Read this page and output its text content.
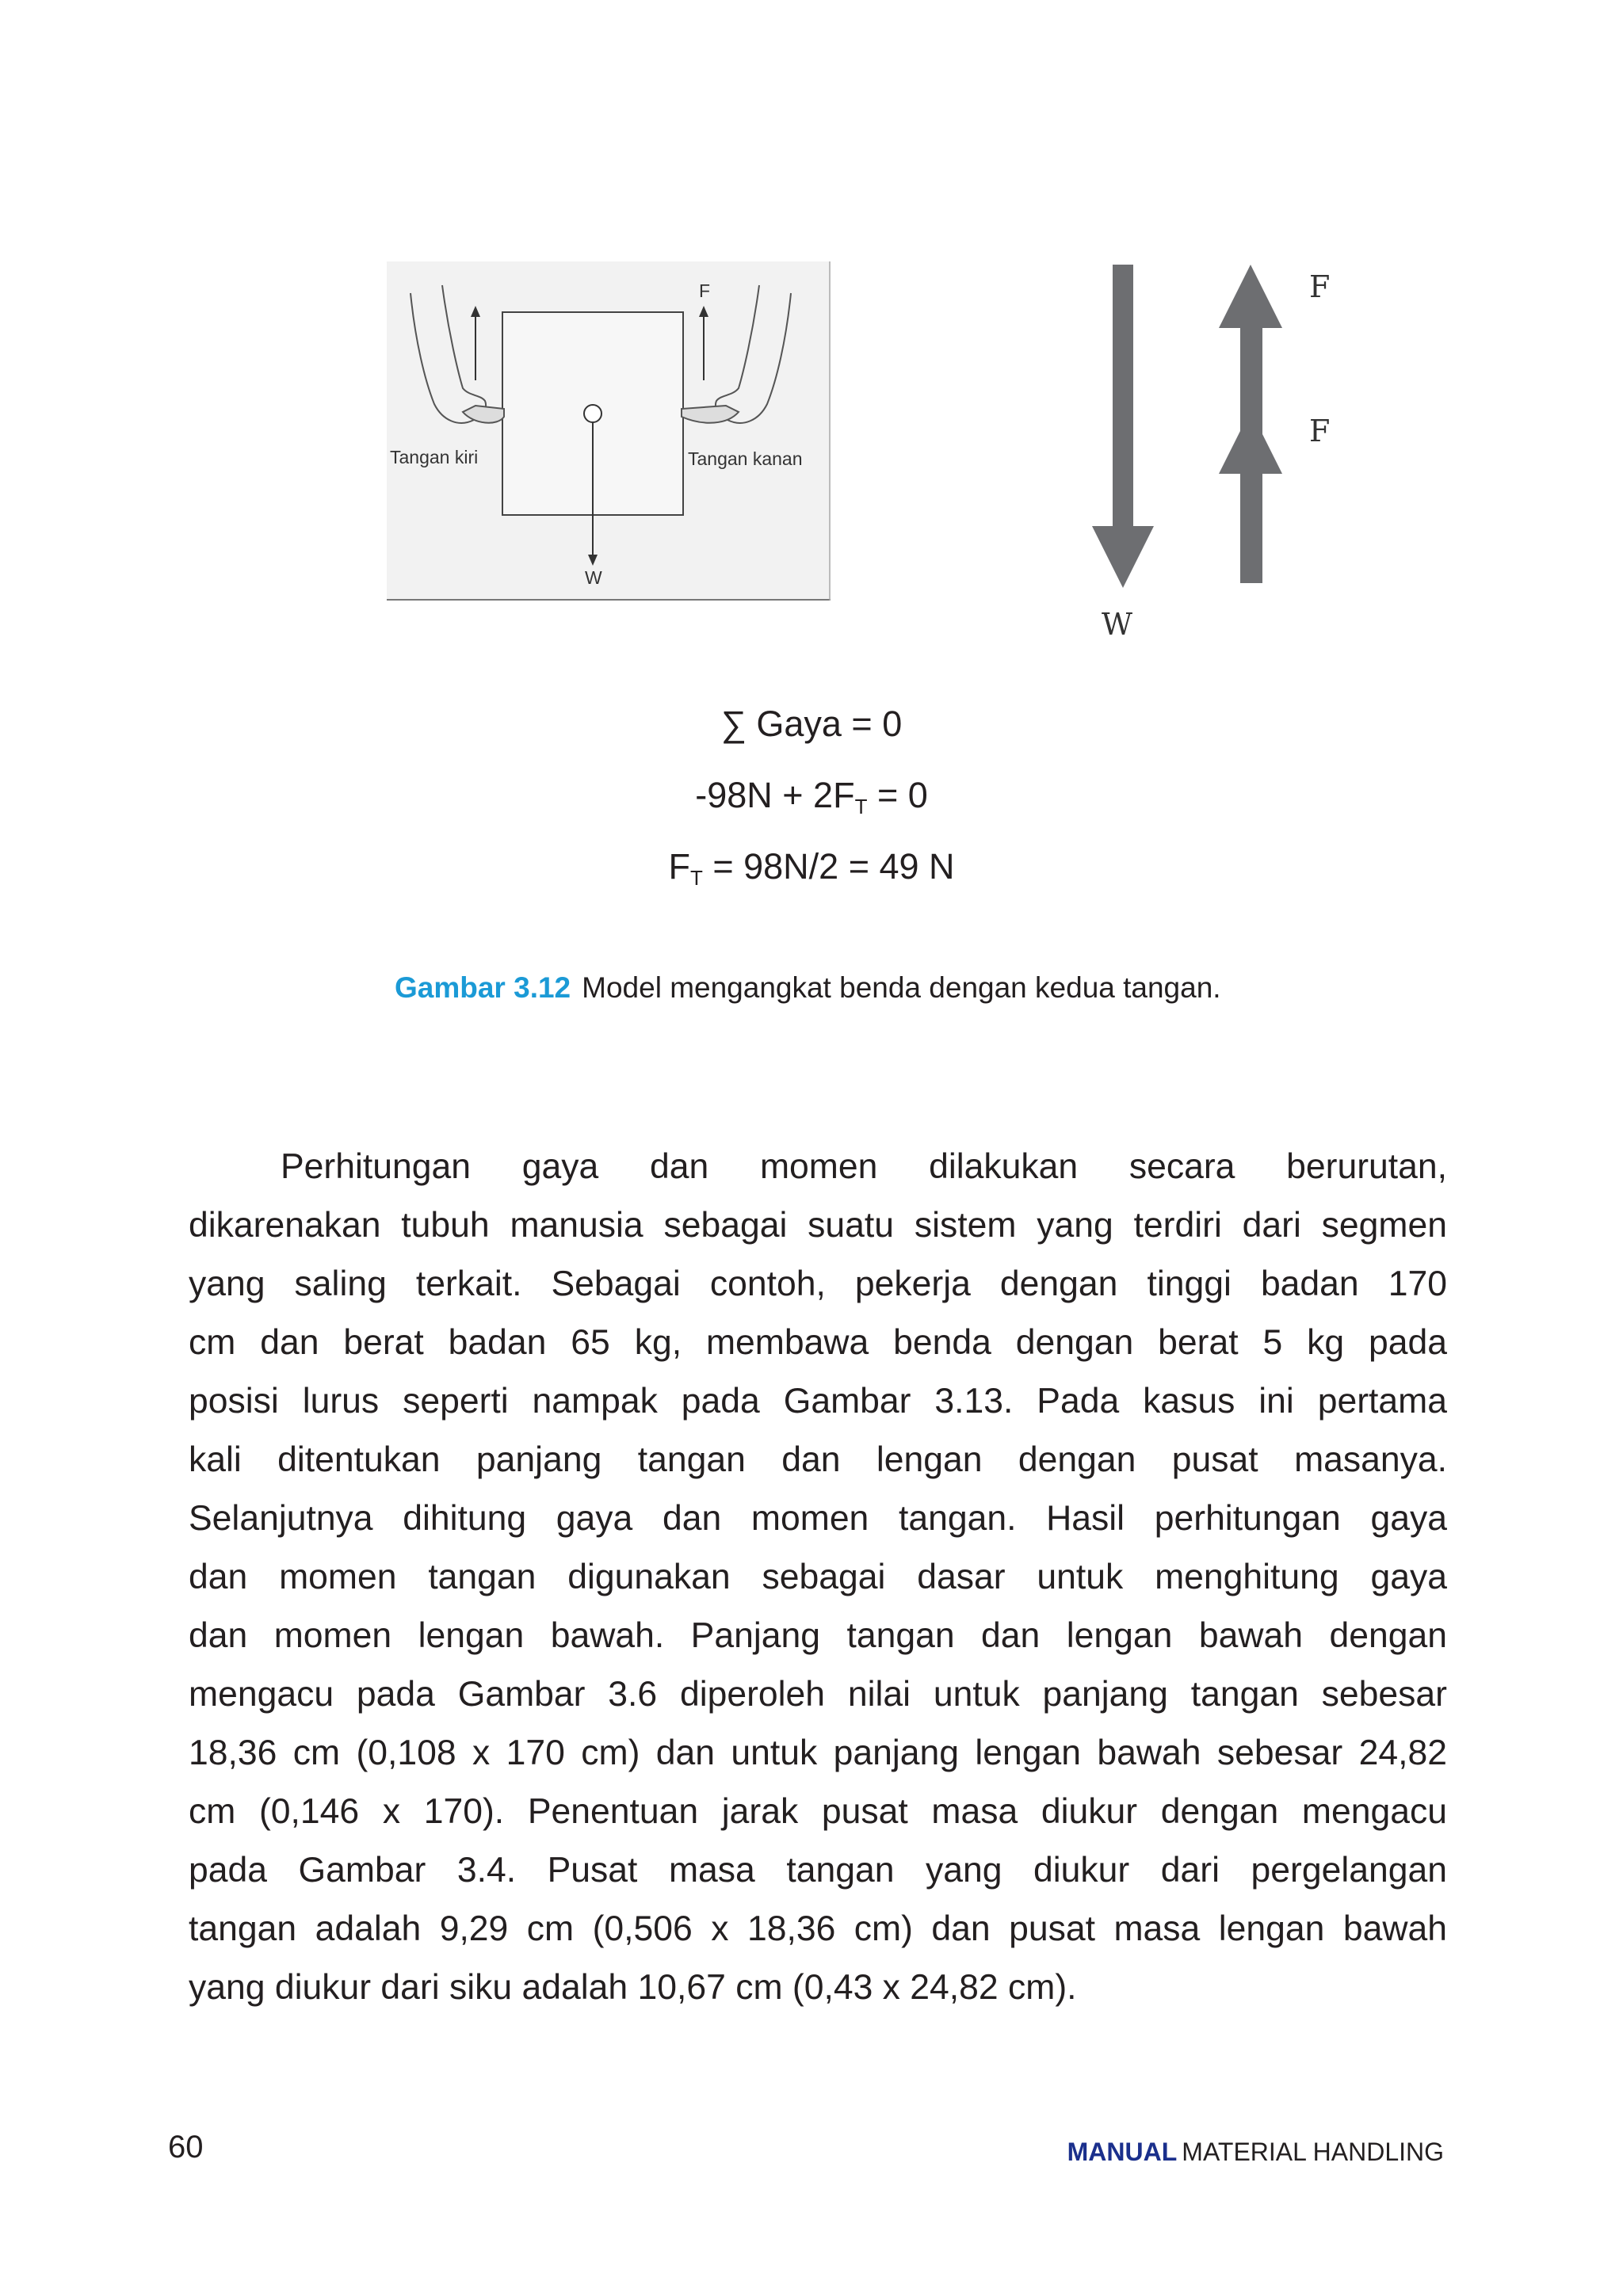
F
Tangan kiri	Tangan kanan
W
F
F
W
∑ Gaya = 0
$-98N + 2F_T = 0$
$F_T = 98N/2 = 49$ N
Gambar 3.12 Model mengangkat benda dengan kedua tangan.
Perhitungan gaya dan momen dilakukan secara berurutan,
dikarenakan tubuh manusia sebagai suatu sistem yang terdiri dari segmen
yang saling terkait. Sebagai contoh, pekerja dengan tinggi badan 170
cm dan berat badan 65 kg, membawa benda dengan berat 5 kg pada
posisi lurus seperti nampak pada Gambar 3.13. Pada kasus ini pertama
kali ditentukan panjang tangan dan lengan dengan pusat masanya.
Selanjutnya dihitung gaya dan momen tangan. Hasil perhitungan gaya
dan momen tangan digunakan sebagai dasar untuk menghitung gaya
dan momen lengan bawah. Panjang tangan dan lengan bawah dengan
mengacu pada Gambar 3.6 diperoleh nilai untuk panjang tangan sebesar
18,36 cm (0,108 x 170 cm) dan untuk panjang lengan bawah sebesar 24,82
cm (0,146 x 170). Penentuan jarak pusat masa diukur dengan mengacu
pada Gambar 3.4. Pusat masa tangan yang diukur dari pergelangan
tangan adalah 9,29 cm (0,506 x 18,36 cm) dan pusat masa lengan bawah
yang diukur dari siku adalah 10,67 cm (0,43 x 24,82 cm).
60	MANUAL MATERIAL HANDLING
